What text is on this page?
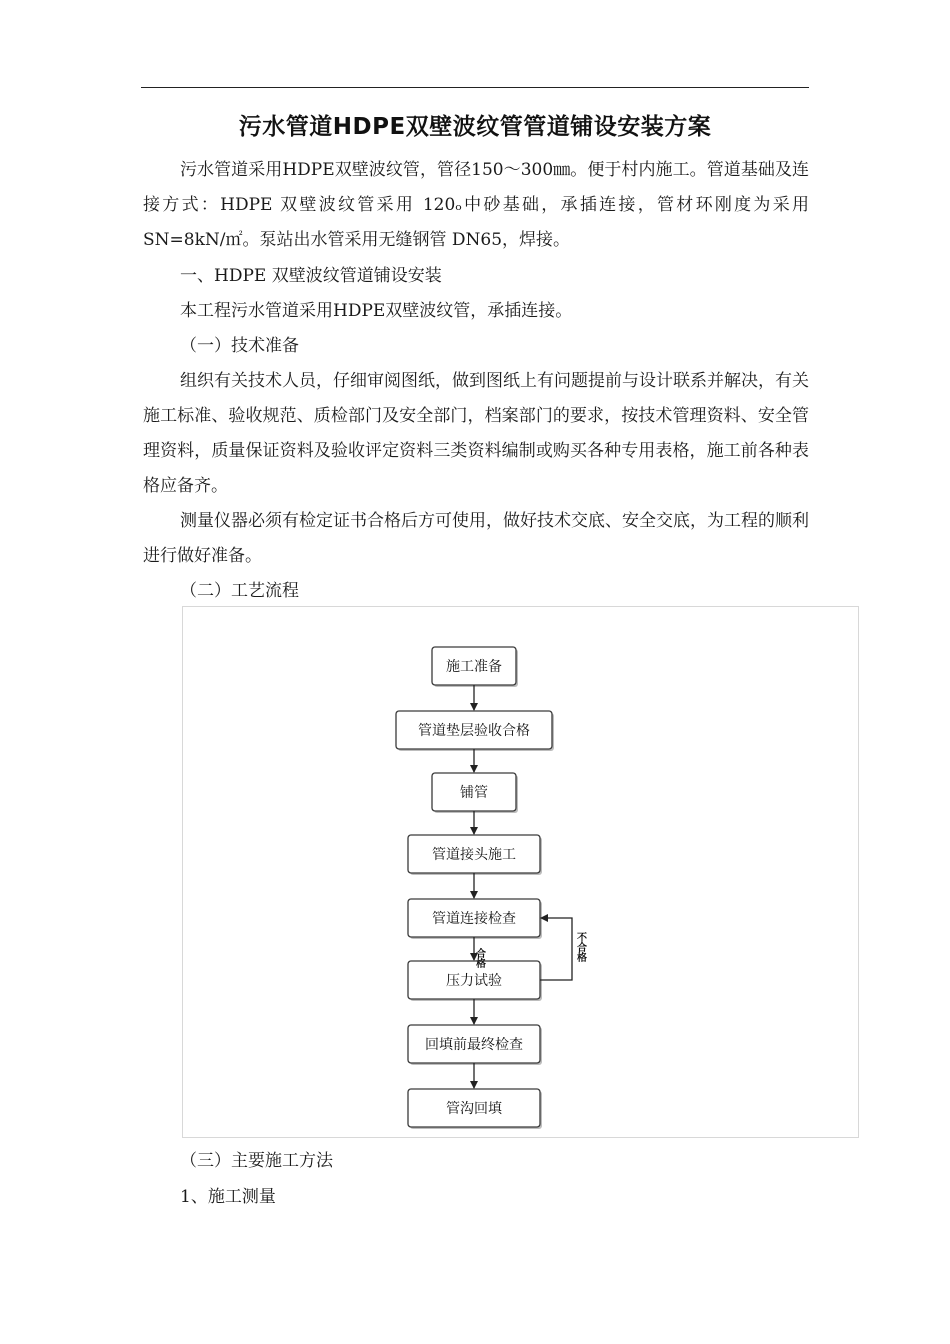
污水管道HDPE双壁波纹管管道铺设安装方案
污水管道采用HDPE双壁波纹管，管径150～300㎜。便于村内施工。管道基础及连接方式：HDPE 双壁波纹管采用 120ₒ中砂基础，承插连接，管材环刚度为采用SN=8kN/㎡。泵站出水管采用无缝钢管 DN65，焊接。
一、HDPE 双壁波纹管道铺设安装
本工程污水管道采用HDPE双壁波纹管，承插连接。
（一）技术准备
组织有关技术人员，仔细审阅图纸，做到图纸上有问题提前与设计联系并解决，有关施工标准、验收规范、质检部门及安全部门，档案部门的要求，按技术管理资料、安全管理资料，质量保证资料及验收评定资料三类资料编制或购买各种专用表格，施工前各种表格应备齐。
测量仪器必须有检定证书合格后方可使用，做好技术交底、安全交底，为工程的顺利进行做好准备。
（二）工艺流程
施工准备
管道垫层验收合格
铺管
管道接头施工
管道连接检查
压力试验
回填前最终检查
管沟回填
合格	不合格
（三）主要施工方法
1、施工测量
